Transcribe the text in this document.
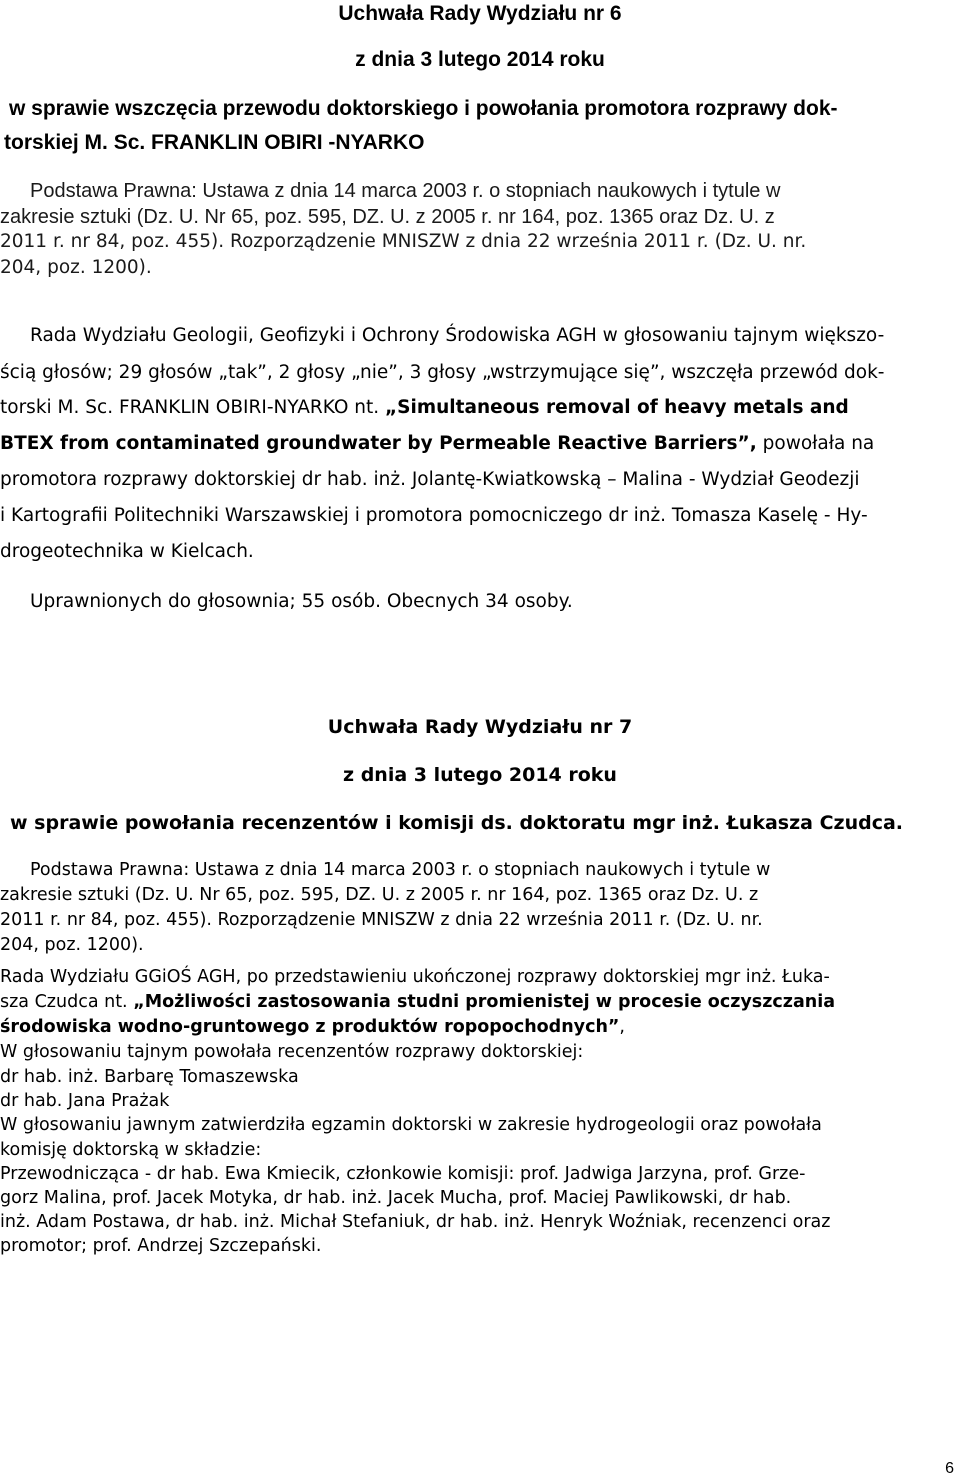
Uchwała Rady Wydziału nr 6
z dnia 3 lutego 2014 roku
w sprawie wszczęcia przewodu doktorskiego i powołania promotora rozprawy dok-
torskiej M. Sc. FRANKLIN OBIRI -NYARKO
Podstawa Prawna: Ustawa z dnia 14 marca 2003 r. o stopniach naukowych i tytule w
zakresie sztuki (Dz. U. Nr 65, poz. 595, DZ. U. z 2005 r. nr 164, poz. 1365 oraz Dz. U. z
2011 r. nr 84, poz. 455). Rozporządzenie MNISZW z dnia 22 września 2011 r. (Dz. U. nr.
204, poz. 1200).
Rada Wydziału Geologii, Geofizyki i Ochrony Środowiska AGH w głosowaniu tajnym większo-
ścią głosów; 29 głosów „tak”, 2 głosy „nie”, 3 głosy „wstrzymujące się”, wszczęła przewód dok-
torski M. Sc. FRANKLIN OBIRI-NYARKO nt. „Simultaneous removal of heavy metals and
BTEX from contaminated groundwater by Permeable Reactive Barriers”, powołała na
promotora rozprawy doktorskiej dr hab. inż. Jolantę-Kwiatkowską – Malina - Wydział Geodezji
i Kartografii Politechniki Warszawskiej i promotora pomocniczego dr inż. Tomasza Kaselę - Hy-
drogeotechnika w Kielcach.
Uprawnionych do głosownia; 55 osób. Obecnych 34 osoby.
Uchwała Rady Wydziału nr 7
z dnia 3 lutego 2014 roku
w sprawie powołania recenzentów i komisji ds. doktoratu mgr inż. Łukasza Czudca.
Podstawa Prawna: Ustawa z dnia 14 marca 2003 r. o stopniach naukowych i tytule w
zakresie sztuki (Dz. U. Nr 65, poz. 595, DZ. U. z 2005 r. nr 164, poz. 1365 oraz Dz. U. z
2011 r. nr 84, poz. 455). Rozporządzenie MNISZW z dnia 22 września 2011 r. (Dz. U. nr.
204, poz. 1200).
Rada Wydziału GGiOŚ AGH, po przedstawieniu ukończonej rozprawy doktorskiej mgr inż. Łuka-
sza Czudca nt. „Możliwości zastosowania studni promienistej w procesie oczyszczania
środowiska wodno-gruntowego z produktów ropopochodnych”,
W głosowaniu tajnym powołała recenzentów rozprawy doktorskiej:
dr hab. inż. Barbarę Tomaszewska
dr hab. Jana Prażak
W głosowaniu jawnym zatwierdziła egzamin doktorski w zakresie hydrogeologii oraz powołała
komisję doktorską w składzie:
Przewodnicząca - dr hab. Ewa Kmiecik, członkowie komisji: prof. Jadwiga Jarzyna, prof. Grze-
gorz Malina, prof. Jacek Motyka, dr hab. inż. Jacek Mucha, prof. Maciej Pawlikowski, dr hab.
inż. Adam Postawa, dr hab. inż. Michał Stefaniuk, dr hab. inż. Henryk Woźniak, recenzenci oraz
promotor; prof. Andrzej Szczepański.
6
